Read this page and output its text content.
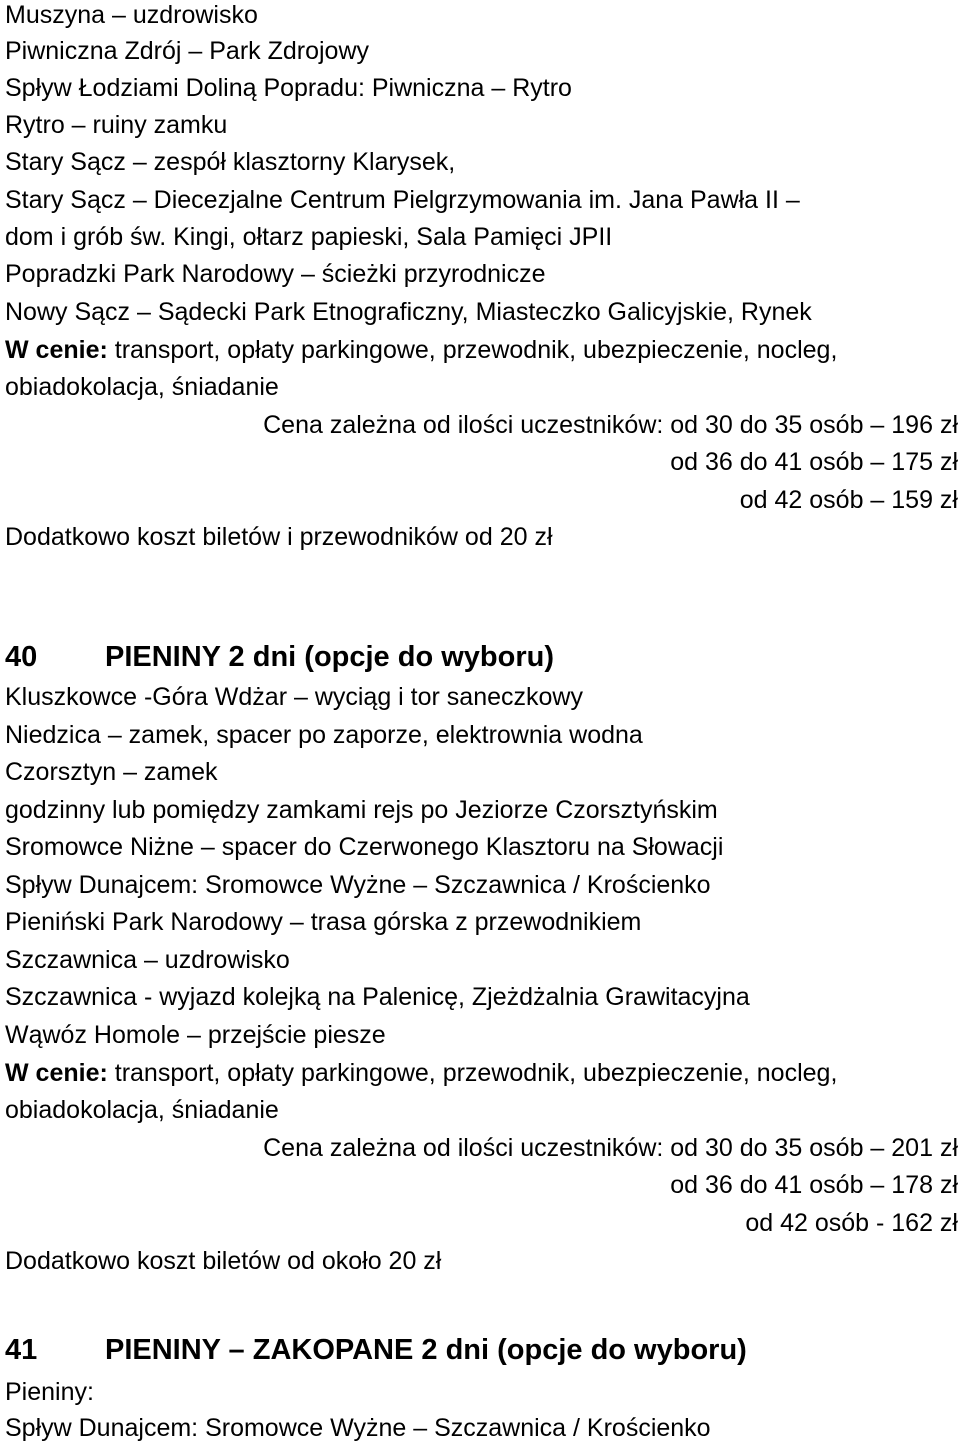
Muszyna – uzdrowisko
Piwniczna Zdrój – Park Zdrojowy
Spływ Łodziami Doliną Popradu: Piwniczna – Rytro
Rytro – ruiny zamku
Stary Sącz – zespół klasztorny Klarysek,
Stary Sącz – Diecezjalne Centrum Pielgrzymowania im. Jana Pawła II –
dom i grób św. Kingi, ołtarz papieski, Sala Pamięci JPII
Popradzki Park Narodowy – ścieżki przyrodnicze
Nowy Sącz – Sądecki Park Etnograficzny, Miasteczko Galicyjskie, Rynek
W cenie: transport, opłaty parkingowe, przewodnik, ubezpieczenie, nocleg,
obiadokolacja, śniadanie
Cena zależna od ilości uczestników: od 30 do 35 osób – 196 zł
od 36 do 41 osób – 175 zł
od 42 osób – 159 zł
Dodatkowo koszt biletów i przewodników od 20 zł
40 PIENINY 2 dni (opcje do wyboru)
Kluszkowce -Góra Wdżar – wyciąg i tor saneczkowy
Niedzica – zamek, spacer po zaporze, elektrownia wodna
Czorsztyn – zamek
godzinny lub pomiędzy zamkami rejs po Jeziorze Czorsztyńskim
Sromowce Niżne – spacer do Czerwonego Klasztoru na Słowacji
Spływ Dunajcem: Sromowce Wyżne – Szczawnica / Krościenko
Pieniński Park Narodowy – trasa górska z przewodnikiem
Szczawnica – uzdrowisko
Szczawnica - wyjazd kolejką na Palenicę, Zjeżdżalnia Grawitacyjna
Wąwóz Homole – przejście piesze
W cenie: transport, opłaty parkingowe, przewodnik, ubezpieczenie, nocleg,
obiadokolacja, śniadanie
Cena zależna od ilości uczestników: od 30 do 35 osób – 201 zł
od 36 do 41 osób – 178 zł
od 42 osób - 162 zł
Dodatkowo koszt biletów od około 20 zł
41 PIENINY – ZAKOPANE 2 dni (opcje do wyboru)
Pieniny:
Spływ Dunajcem: Sromowce Wyżne – Szczawnica / Krościenko
